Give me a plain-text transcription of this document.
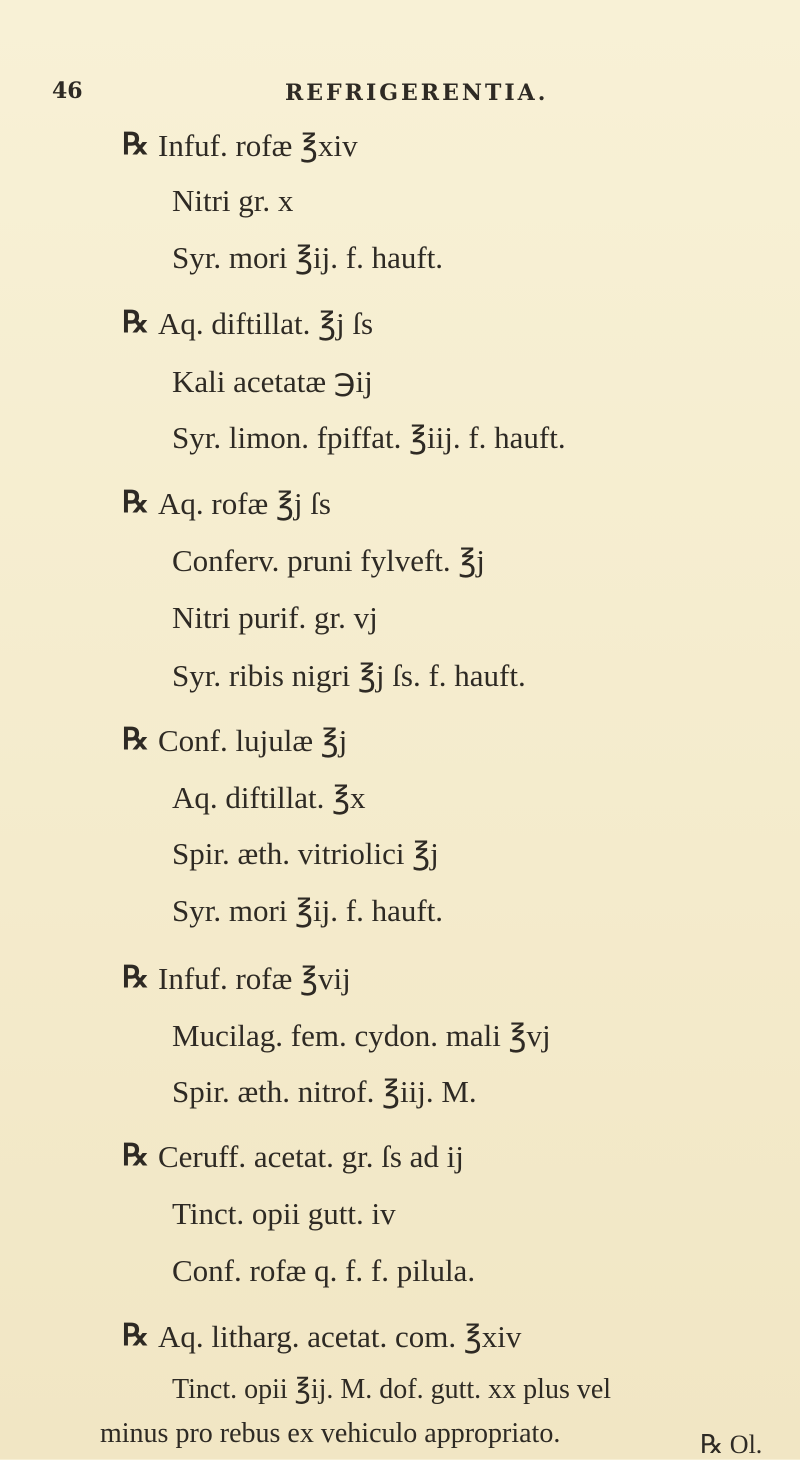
46	REFRIGERENTIA.
℞ Infuf. rofæ ℥xiv
Nitri gr. x
Syr. mori ℥ij. f. hauft.
℞ Aq. diftillat. ℥j ſs
Kali acetatæ ℈ij
Syr. limon. fpiffat. ℥iij. f. hauft.
℞ Aq. rofæ ℥j ſs
Conferv. pruni fylveft. ℥j
Nitri purif. gr. vj
Syr. ribis nigri ℥j ſs. f. hauft.
℞ Conf. lujulæ ℥j
Aq. diftillat. ℥x
Spir. æth. vitriolici ℥j
Syr. mori ℥ij. f. hauft.
℞ Infuf. rofæ ℥vij
Mucilag. fem. cydon. mali ℥vj
Spir. æth. nitrof. ℥iij. M.
℞ Ceruff. acetat. gr. ſs ad ij
Tinct. opii gutt. iv
Conf. rofæ q. f. f. pilula.
℞ Aq. litharg. acetat. com. ℥xiv
Tinct. opii ℥ij. M. dof. gutt. xx plus vel
minus pro rebus ex vehiculo appropriato.	℞ Ol.
